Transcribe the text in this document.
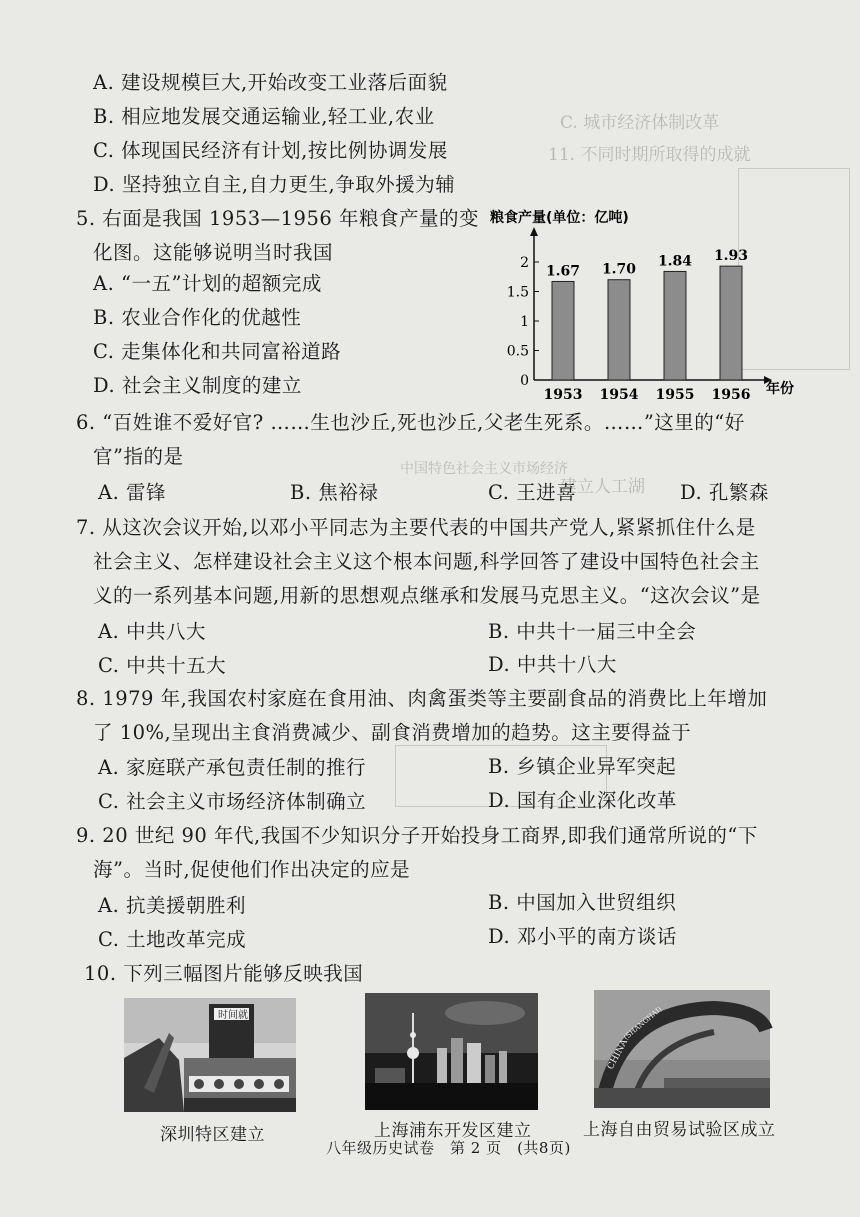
C. 城市经济体制改革
11. 不同时期所取得的成就
建立人工湖
中国特色社会主义市场经济
A. 建设规模巨大,开始改变工业落后面貌
B. 相应地发展交通运输业,轻工业,农业
C. 体现国民经济有计划,按比例协调发展
D. 坚持独立自主,自力更生,争取外援为辅
5. 右面是我国 1953—1956 年粮食产量的变
化图。这能够说明当时我国
A. “一五”计划的超额完成
B. 农业合作化的优越性
C. 走集体化和共同富裕道路
D. 社会主义制度的建立
粮食产量(单位：亿吨)
0
0.5
1
1.5
2
1.67
1953
1.70
1954
1.84
1955
1.93
1956 年份
6. “百姓谁不爱好官? ……生也沙丘,死也沙丘,父老生死系。……”这里的“好
官”指的是
A. 雷锋	B. 焦裕禄	C. 王进喜	D. 孔繁森
7. 从这次会议开始,以邓小平同志为主要代表的中国共产党人,紧紧抓住什么是
社会主义、怎样建设社会主义这个根本问题,科学回答了建设中国特色社会主
义的一系列基本问题,用新的思想观点继承和发展马克思主义。“这次会议”是
A. 中共八大	B. 中共十一届三中全会
C. 中共十五大	D. 中共十八大
8. 1979 年,我国农村家庭在食用油、肉禽蛋类等主要副食品的消费比上年增加
了 10%,呈现出主食消费减少、副食消费增加的趋势。这主要得益于
A. 家庭联产承包责任制的推行	B. 乡镇企业异军突起
C. 社会主义市场经济体制确立	D. 国有企业深化改革
9. 20 世纪 90 年代,我国不少知识分子开始投身工商界,即我们通常所说的“下
海”。当时,促使他们作出决定的应是
A. 抗美援朝胜利	B. 中国加入世贸组织
C. 土地改革完成	D. 邓小平的南方谈话
10. 下列三幅图片能够反映我国
时间就
深圳特区建立	上海浦东开发区建立
CHINA
(SHANGHAI)
上海自由贸易试验区成立
八年级历史试卷　第 2 页　(共8页)
